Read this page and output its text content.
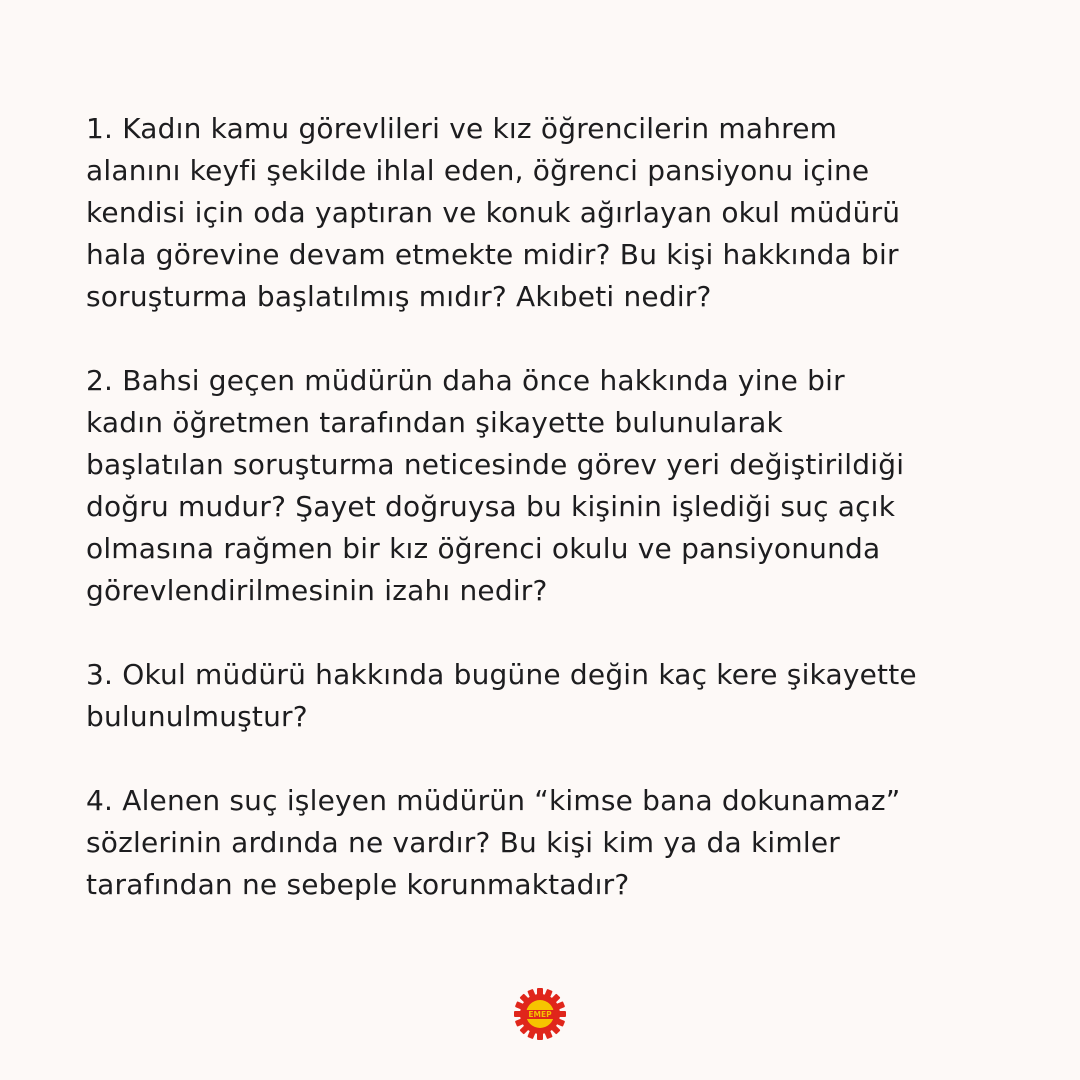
1. Kadın kamu görevlileri ve kız öğrencilerin mahrem
alanını keyfi şekilde ihlal eden, öğrenci pansiyonu içine
kendisi için oda yaptıran ve konuk ağırlayan okul müdürü
hala görevine devam etmekte midir? Bu kişi hakkında bir
soruşturma başlatılmış mıdır? Akıbeti nedir?

2. Bahsi geçen müdürün daha önce hakkında yine bir
kadın öğretmen tarafından şikayette bulunularak
başlatılan soruşturma neticesinde görev yeri değiştirildiği
doğru mudur? Şayet doğruysa bu kişinin işlediği suç açık
olmasına rağmen bir kız öğrenci okulu ve pansiyonunda
görevlendirilmesinin izahı nedir?

3. Okul müdürü hakkında bugüne değin kaç kere şikayette
bulunulmuştur?

4. Alenen suç işleyen müdürün “kimse bana dokunamaz”
sözlerinin ardında ne vardır? Bu kişi kim ya da kimler
tarafından ne sebeple korunmaktadır?

EMEP
